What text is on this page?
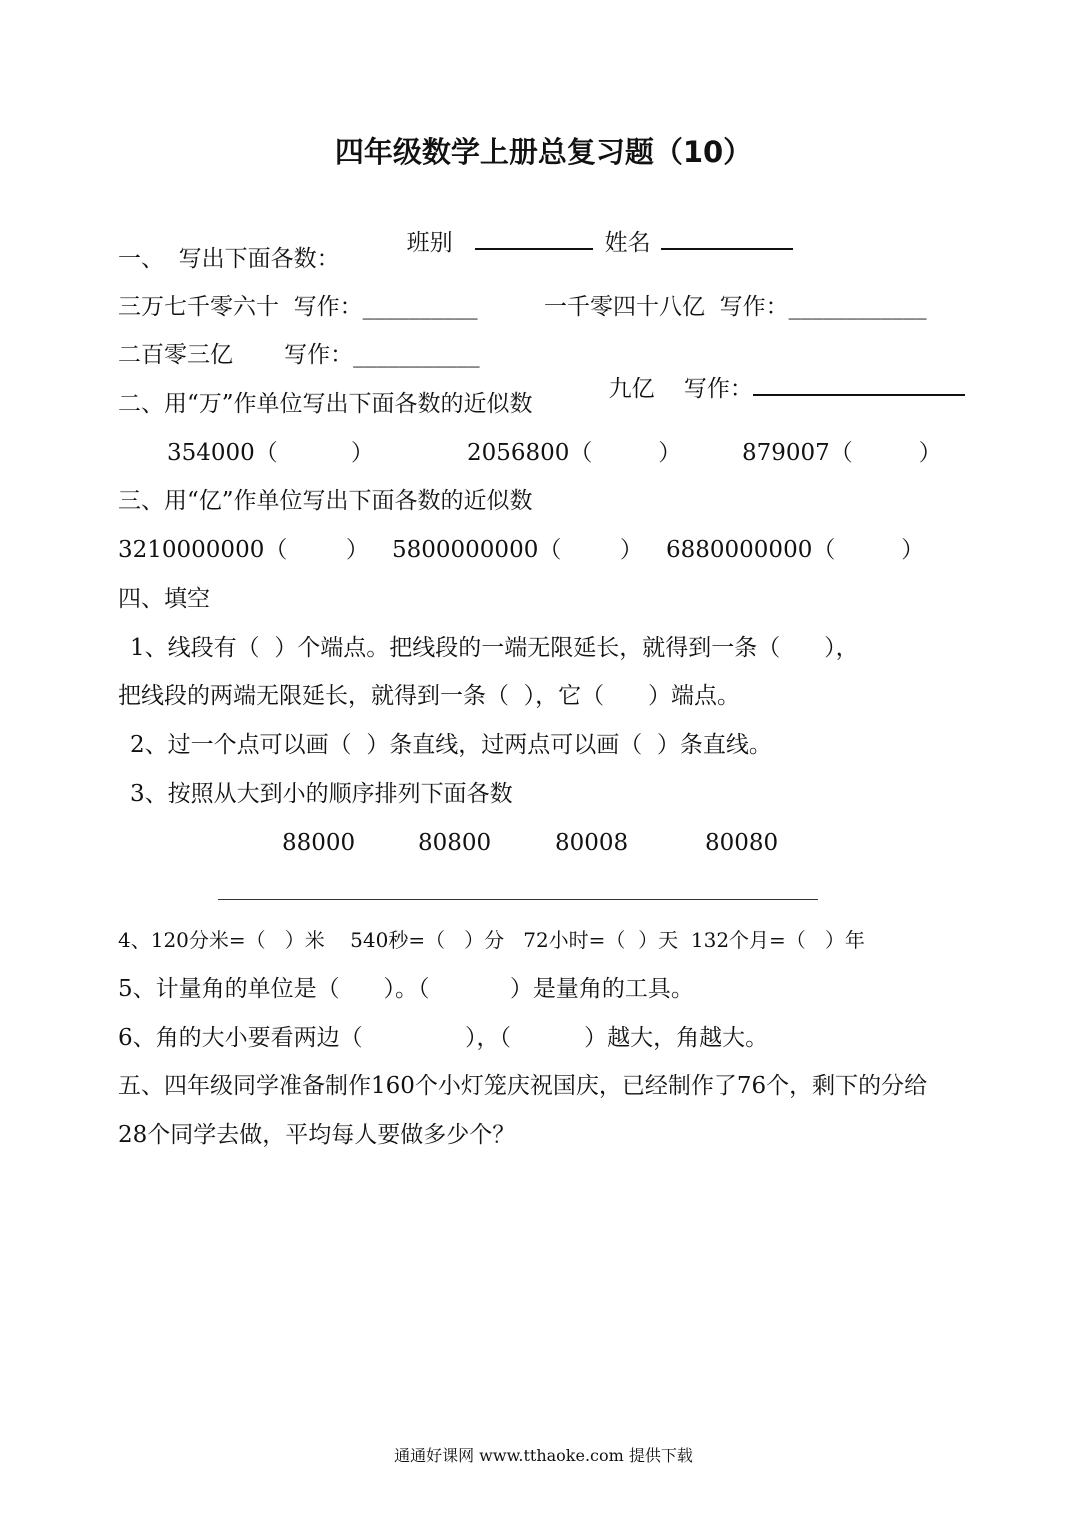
四年级数学上册总复习题（10）

班别	姓名

一、  写出下面各数：
三万七千零六十  写作：__________	一千零四十八亿  写作：____________
二百零三亿       写作：___________

九亿    写作：

二、用“万”作单位写出下面各数的近似数
354000（          ）	2056800（         ）	879007（         ）
三、用“亿”作单位写出下面各数的近似数
3210000000（        ） 5800000000（        ） 6880000000（         ）
四、填空
1、线段有（  ）个端点。把线段的一端无限延长，就得到一条（      ），
把线段的两端无限延长，就得到一条（  ），它（      ）端点。
2、过一个点可以画（  ）条直线，过两点可以画（  ）条直线。
3、按照从大到小的顺序排列下面各数
88000	80800	80008	80080
4、120分米=（   ）米    540秒=（   ）分   72小时=（  ）天  132个月=（   ）年
5、计量角的单位是（      ）。（           ）是量角的工具。
6、角的大小要看两边（              ），（          ）越大，角越大。
五、四年级同学准备制作160个小灯笼庆祝国庆，已经制作了76个，剩下的分给
28个同学去做，平均每人要做多少个？
通通好课网 www.tthaoke.com 提供下载
